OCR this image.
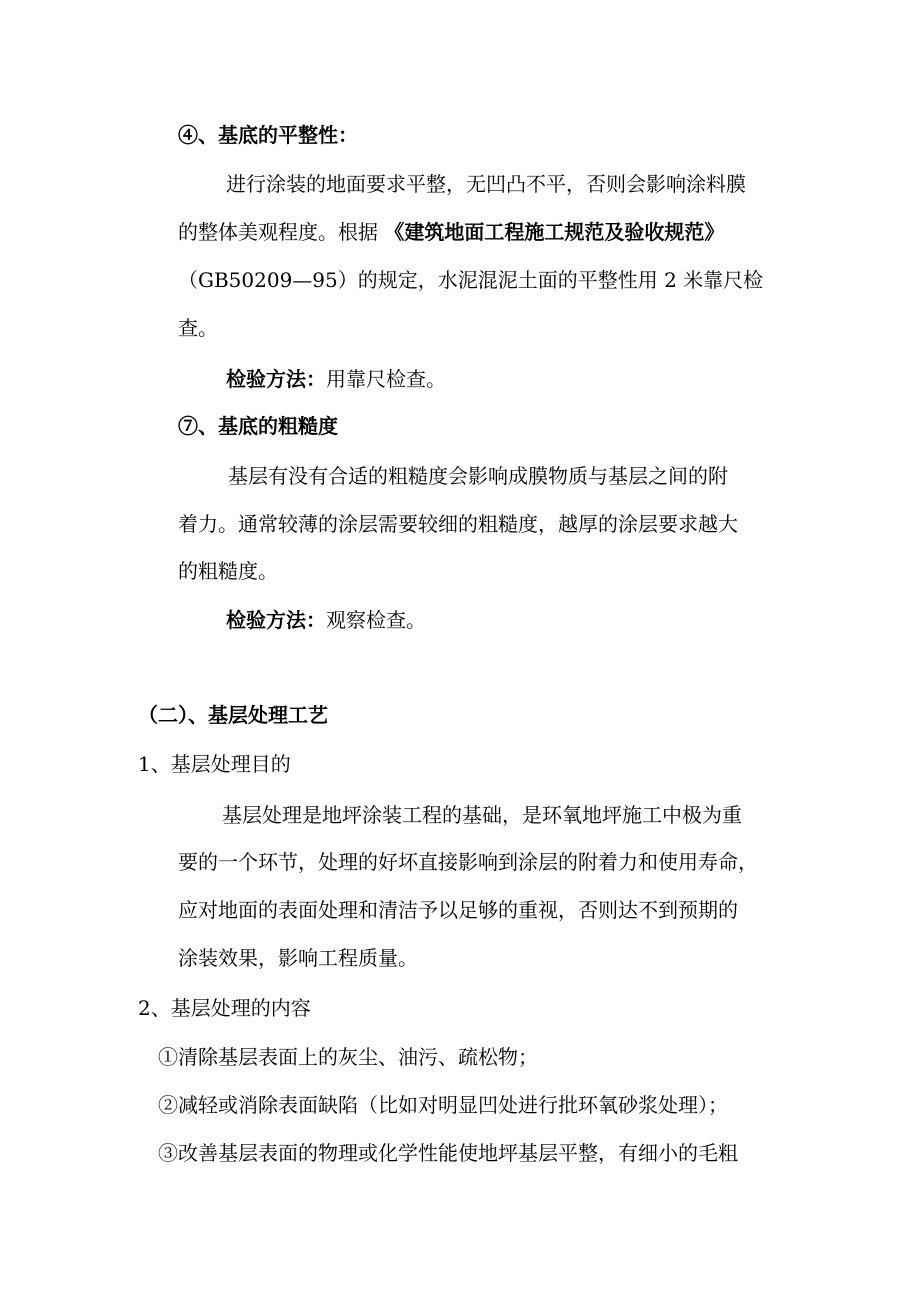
④、基底的平整性：

进行涂装的地面要求平整，无凹凸不平，否则会影响涂料膜

的整体美观程度。根据 《建筑地面工程施工规范及验收规范》

（GB50209—95）的规定，水泥混泥土面的平整性用 2 米靠尺检

查。

检验方法：用靠尺检查。

⑦、基底的粗糙度

基层有没有合适的粗糙度会影响成膜物质与基层之间的附

着力。通常较薄的涂层需要较细的粗糙度，越厚的涂层要求越大

的粗糙度。

检验方法：观察检查。

（二）、基层处理工艺

1、基层处理目的

基层处理是地坪涂装工程的基础，是环氧地坪施工中极为重

要的一个环节，处理的好坏直接影响到涂层的附着力和使用寿命，

应对地面的表面处理和清洁予以足够的重视，否则达不到预期的

涂装效果，影响工程质量。

2、基层处理的内容

①清除基层表面上的灰尘、油污、疏松物；

②减轻或消除表面缺陷（比如对明显凹处进行批环氧砂浆处理）；

③改善基层表面的物理或化学性能使地坪基层平整，有细小的毛粗
